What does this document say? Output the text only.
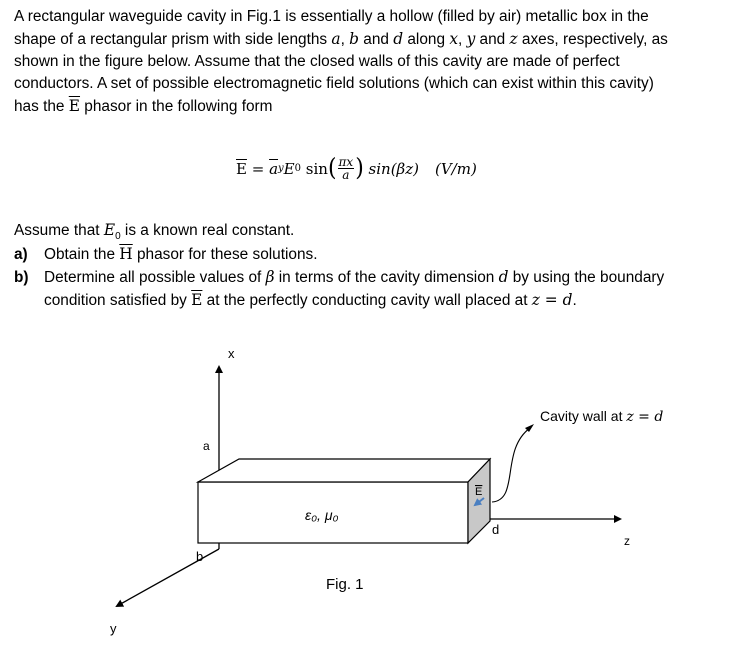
A rectangular waveguide cavity in Fig.1 is essentially a hollow (filled by air) metallic box in the
shape of a rectangular prism with side lengths a, b and d along x, y and z axes, respectively, as
shown in the figure below. Assume that the closed walls of this cavity are made of perfect
conductors. A set of possible electromagnetic field solutions (which can exist within this cavity)
has the $\overline{E}$ phasor in the following form

$\overline{E} = \overline{a}$ y E 0 sin ( $\frac{\pi x}{a}$ ) sin(βz) (V/m)
Assume that $E_0$ is a known real constant.
a) Obtain the $\overline{H}$ phasor for these solutions.
b) Determine all possible values of β in terms of the cavity dimension d by using the boundary
condition satisfied by $\overline{E}$ at the perfectly conducting cavity wall placed at z = d.
x
y
z
a
b
d
E
ε₀, μ₀
Cavity wall at z = d
Fig. 1
